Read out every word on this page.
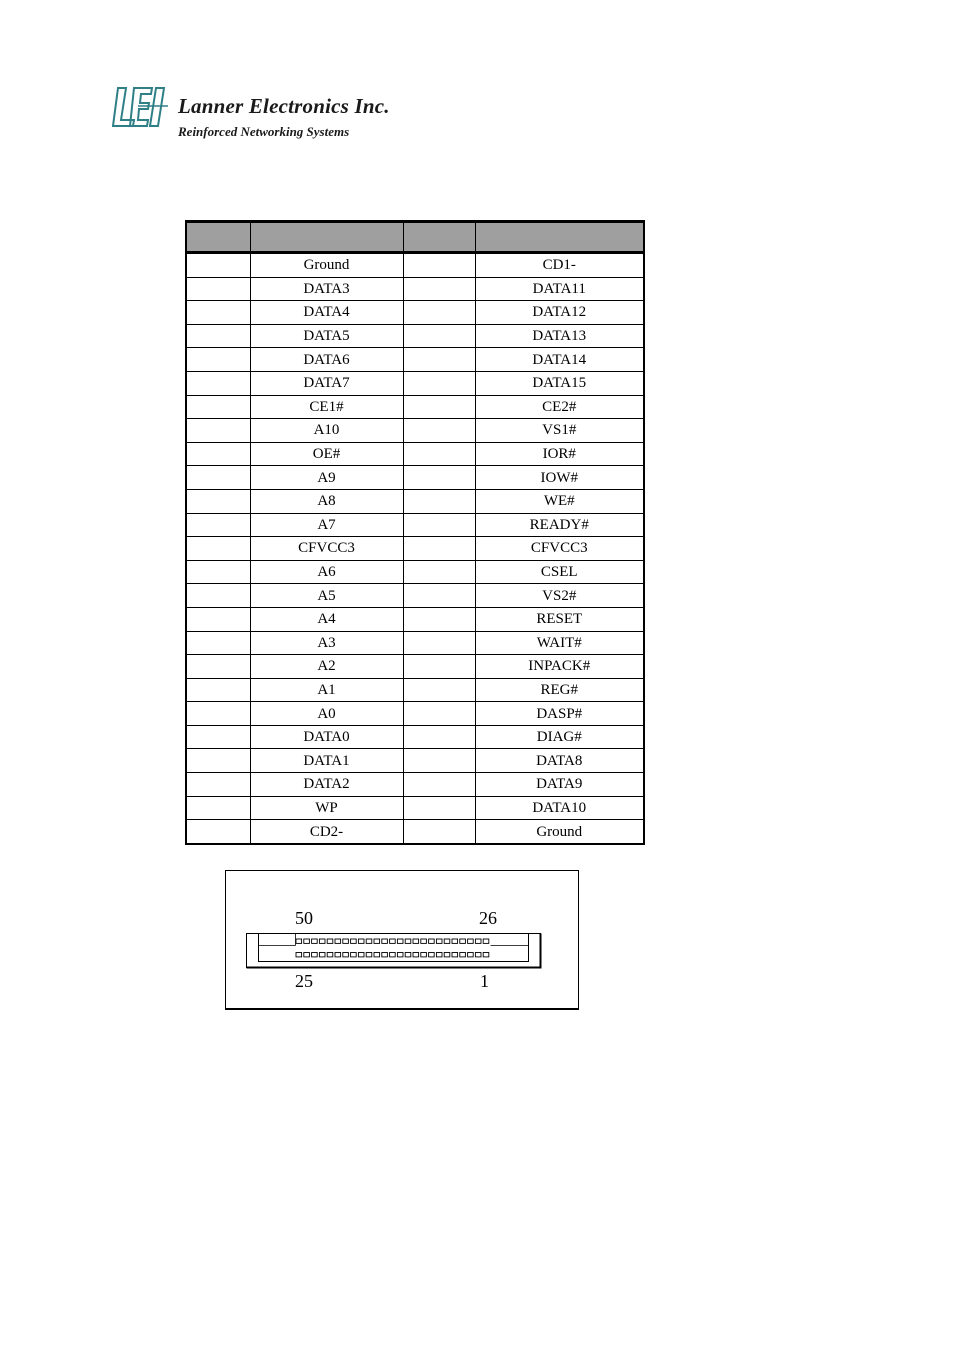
Lanner Electronics Inc.
Reinforced Networking Systems

	Ground		CD1-
	DATA3		DATA11
	DATA4		DATA12
	DATA5		DATA13
	DATA6		DATA14
	DATA7		DATA15
	CE1#		CE2#
	A10		VS1#
	OE#		IOR#
	A9		IOW#
	A8		WE#
	A7		READY#
	CFVCC3		CFVCC3
	A6		CSEL
	A5		VS2#
	A4		RESET
	A3		WAIT#
	A2		INPACK#
	A1		REG#
	A0		DASP#
	DATA0		DIAG#
	DATA1		DATA8
	DATA2		DATA9
	WP		DATA10
	CD2-		Ground
50	26
25	1
